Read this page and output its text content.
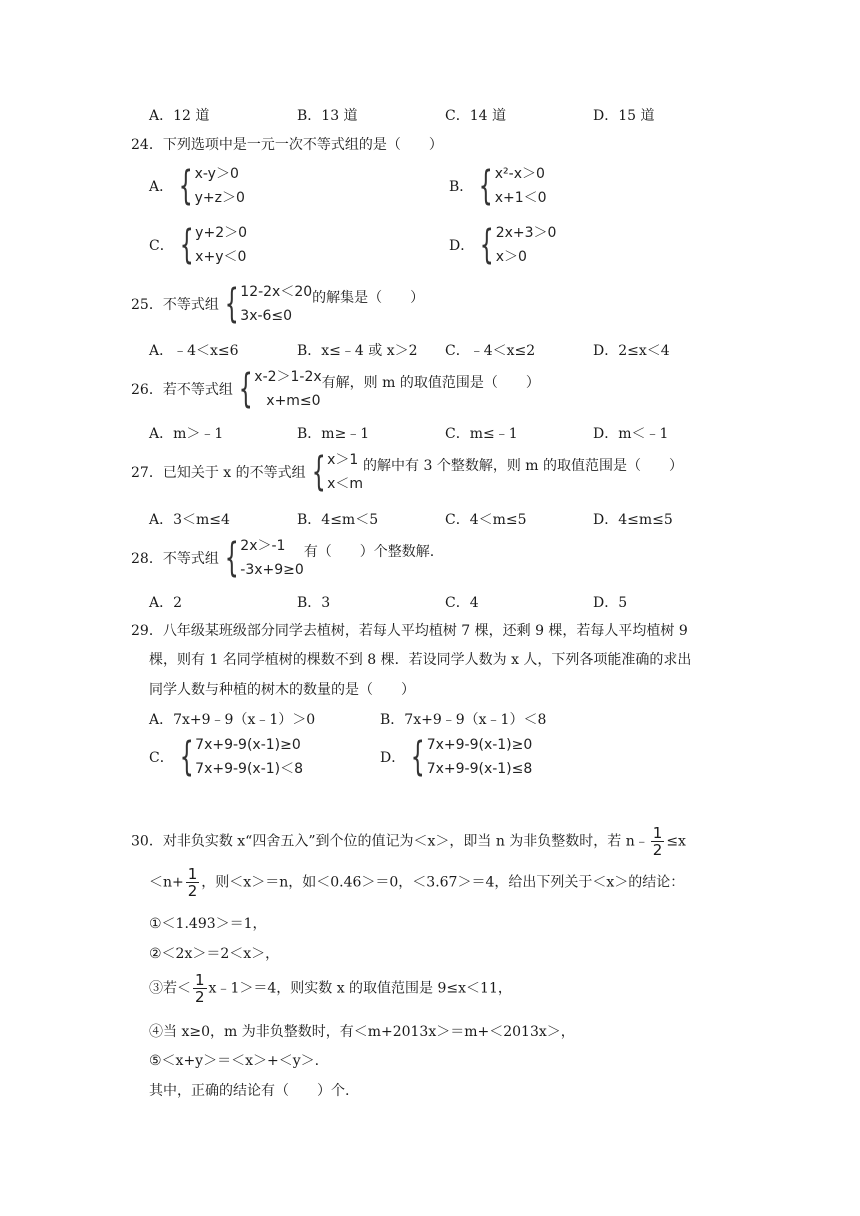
A．12 道	B．13 道	C．14 道	D．15 道
24．下列选项中是一元一次不等式组的是（　　）
A． { x-y＞0
y+z＞0
B． { x²-x＞0
x+1＜0
C． { y+2＞0
x+y＜0
D． { 2x+3＞0
x＞0
25．不等式组 { 12-2x＜20
3x-6≤0
的解集是（　　）
A．﹣4＜x≤6	B．x≤﹣4 或 x＞2 C．﹣4＜x≤2	D．2≤x＜4
26．若不等式组 { x-2＞1-2x
x+m≤0
有解，则 m 的取值范围是（　　）
A．m＞﹣1	B．m≥﹣1	C．m≤﹣1	D．m＜﹣1
27．已知关于 x 的不等式组 { x＞1
x＜m
的解中有 3 个整数解，则 m 的取值范围是（　　）
A．3＜m≤4	B．4≤m＜5	C．4＜m≤5	D．4≤m≤5
28．不等式组 { 2x＞-1
-3x+9≥0
有（　　）个整数解.
A．2	B．3	C．4	D．5
29．八年级某班级部分同学去植树，若每人平均植树 7 棵，还剩 9 棵，若每人平均植树 9
棵，则有 1 名同学植树的棵数不到 8 棵．若设同学人数为 x 人，下列各项能准确的求出
同学人数与种植的树木的数量的是（　　）
A．7x+9﹣9（x﹣1）＞0	B．7x+9﹣9（x﹣1）＜8
C． { 7x+9-9(x-1)≥0
7x+9-9(x-1)＜8
D． { 7x+9-9(x-1)≥0
7x+9-9(x-1)≤8
30．对非负实数 x“四舍五入”到个位的值记为＜x＞，即当 n 为非负整数时，若 n﹣ $\frac{1}{2} \le x$
$<n+ \frac{1}{2}$ ，则＜x＞＝n，如＜0.46＞＝0，＜3.67＞＝4，给出下列关于＜x＞的结论：
①＜1.493＞＝1，
②＜2x＞＝2＜x＞，
③若＜ $\frac{1}{2}$ x﹣1＞＝4，则实数 x 的取值范围是 9≤x＜11，
④当 x≥0，m 为非负整数时，有＜m+2013x＞＝m+＜2013x＞，
⑤＜x+y＞＝＜x＞+＜y＞.
其中，正确的结论有（　　）个.
